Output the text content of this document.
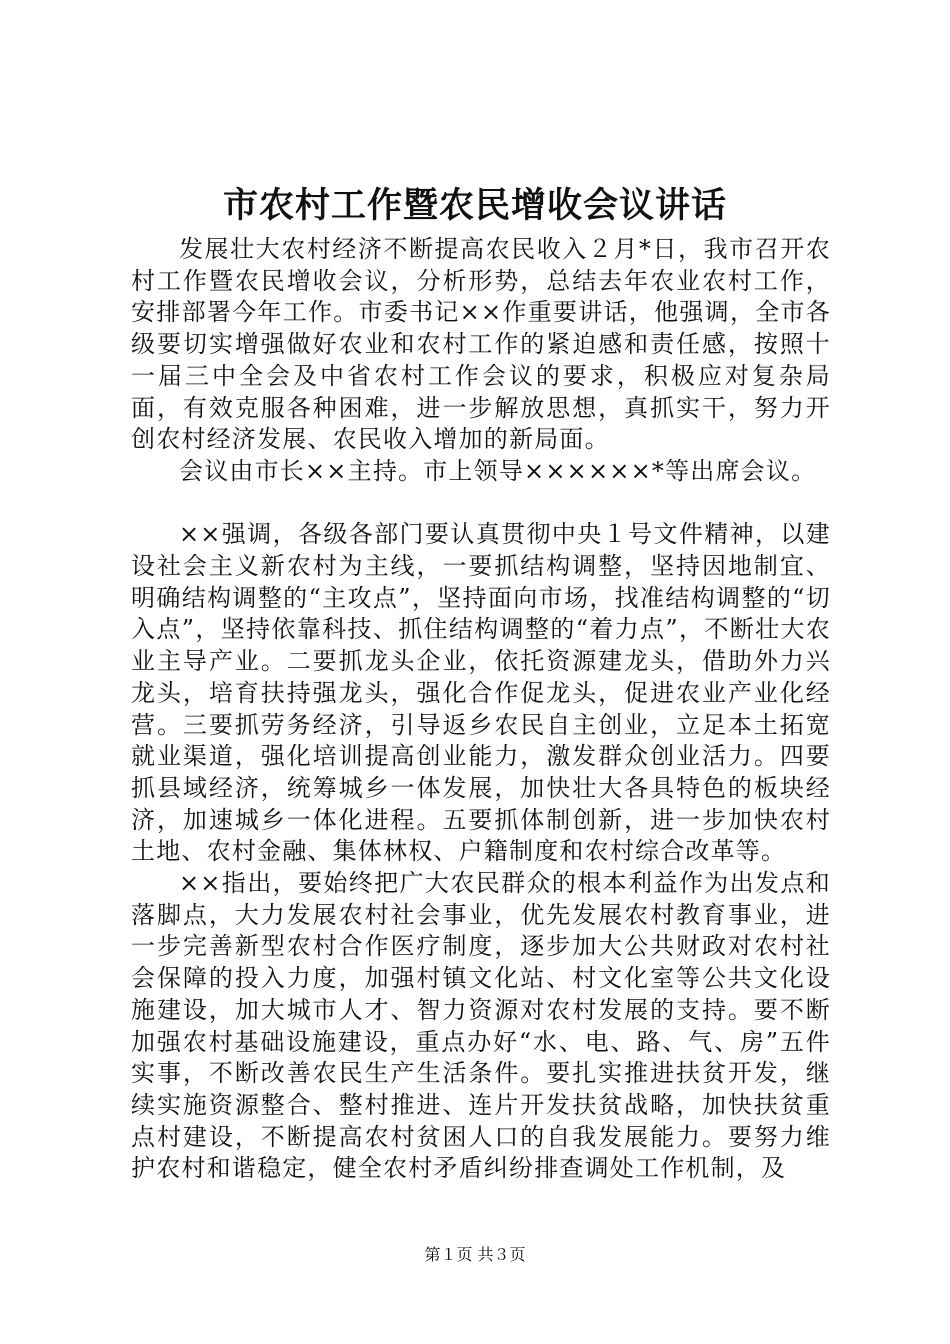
市农村工作暨农民增收会议讲话

发展壮大农村经济不断提高农民收入２月*日，我市召开农村工作暨农民增收会议，分析形势，总结去年农业农村工作，安排部署今年工作。市委书记××作重要讲话，他强调，全市各级要切实增强做好农业和农村工作的紧迫感和责任感，按照十一届三中全会及中省农村工作会议的要求，积极应对复杂局面，有效克服各种困难，进一步解放思想，真抓实干，努力开创农村经济发展、农民收入增加的新局面。

会议由市长××主持。市上领导××××××*等出席会议。

××强调，各级各部门要认真贯彻中央１号文件精神，以建设社会主义新农村为主线，一要抓结构调整，坚持因地制宜、明确结构调整的“主攻点”，坚持面向市场，找准结构调整的“切入点”，坚持依靠科技、抓住结构调整的“着力点”，不断壮大农业主导产业。二要抓龙头企业，依托资源建龙头，借助外力兴龙头，培育扶持强龙头，强化合作促龙头，促进农业产业化经营。三要抓劳务经济，引导返乡农民自主创业，立足本土拓宽就业渠道，强化培训提高创业能力，激发群众创业活力。四要抓县域经济，统筹城乡一体发展，加快壮大各具特色的板块经济，加速城乡一体化进程。五要抓体制创新，进一步加快农村土地、农村金融、集体林权、户籍制度和农村综合改革等。

××指出，要始终把广大农民群众的根本利益作为出发点和落脚点，大力发展农村社会事业，优先发展农村教育事业，进一步完善新型农村合作医疗制度，逐步加大公共财政对农村社会保障的投入力度，加强村镇文化站、村文化室等公共文化设施建设，加大城市人才、智力资源对农村发展的支持。要不断加强农村基础设施建设，重点办好“水、电、路、气、房”五件实事，不断改善农民生产生活条件。要扎实推进扶贫开发，继续实施资源整合、整村推进、连片开发扶贫战略，加快扶贫重点村建设，不断提高农村贫困人口的自我发展能力。要努力维护农村和谐稳定，健全农村矛盾纠纷排查调处工作机制，及

第１页 共３页
